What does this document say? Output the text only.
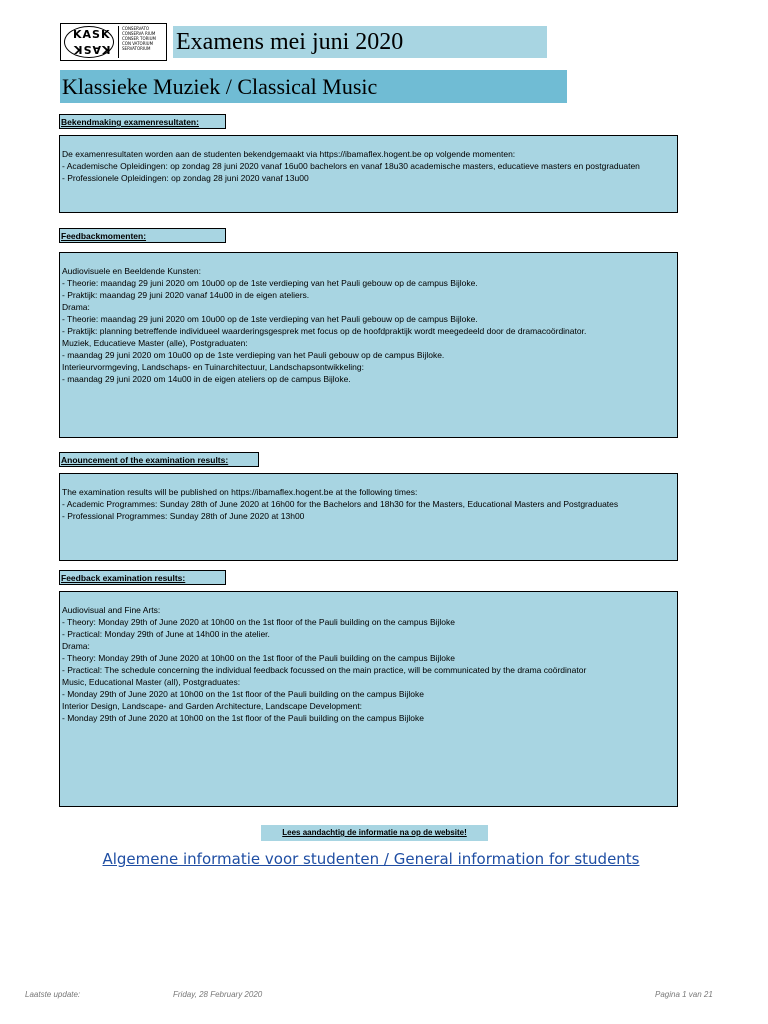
KASK
KASK
CONSERVATO
CONSERVA RIUM
CONSER TORIUM
CON VATORIUM
SERVATORIUM	Examens mei juni 2020
Klassieke Muziek / Classical Music
Bekendmaking examenresultaten:

De examenresultaten worden aan de studenten bekendgemaakt via https://ibamaflex.hogent.be op volgende momenten:

- Academische Opleidingen: op zondag 28 juni 2020 vanaf 16u00 bachelors en vanaf 18u30 academische masters, educatieve masters en postgraduaten

- Professionele Opleidingen: op zondag 28 juni 2020 vanaf 13u00

Feedbackmomenten:

Audiovisuele en Beeldende Kunsten:

- Theorie: maandag 29 juni 2020 om 10u00 op de 1ste verdieping van het Pauli gebouw op de campus Bijloke.

- Praktijk: maandag 29 juni 2020 vanaf 14u00 in de eigen ateliers.

Drama:

- Theorie: maandag 29 juni 2020 om 10u00 op de 1ste verdieping van het Pauli gebouw op de campus Bijloke.

- Praktijk: planning betreffende individueel waarderingsgesprek met focus op de hoofdpraktijk wordt meegedeeld door de dramacoördinator.

Muziek, Educatieve Master (alle), Postgraduaten:

- maandag 29 juni 2020 om 10u00 op de 1ste verdieping van het Pauli gebouw op de campus Bijloke.

Interieurvormgeving, Landschaps- en Tuinarchitectuur, Landschapsontwikkeling:

- maandag 29 juni 2020 om 14u00 in de eigen ateliers op de campus Bijloke.

Anouncement of the examination results:

The examination results will be published on https://ibamaflex.hogent.be at the following times:

- Academic Programmes: Sunday 28th of June 2020 at 16h00 for the Bachelors and 18h30 for the Masters, Educational Masters and Postgraduates

- Professional Programmes: Sunday 28th of June 2020 at 13h00

Feedback examination results:

Audiovisual and Fine Arts:

- Theory: Monday 29th of June 2020 at 10h00 on the 1st floor of the Pauli building on the campus Bijloke

- Practical: Monday 29th of June at 14h00 in the atelier.

Drama:

- Theory: Monday 29th of June 2020 at 10h00 on the 1st floor of the Pauli building on the campus Bijloke

- Practical: The schedule concerning the individual feedback focussed on the main practice, will be communicated by the drama coördinator

Music, Educational Master (all), Postgraduates:

- Monday 29th of June 2020 at 10h00 on the 1st floor of the Pauli building on the campus Bijloke

Interior Design, Landscape- and Garden Architecture, Landscape Development:

- Monday 29th of June 2020 at 10h00 on the 1st floor of the Pauli building on the campus Bijloke

Lees aandachtig de informatie na op de website!
Algemene informatie voor studenten / General information for students
Laatste update:	Friday, 28 February 2020	Pagina 1 van 21
